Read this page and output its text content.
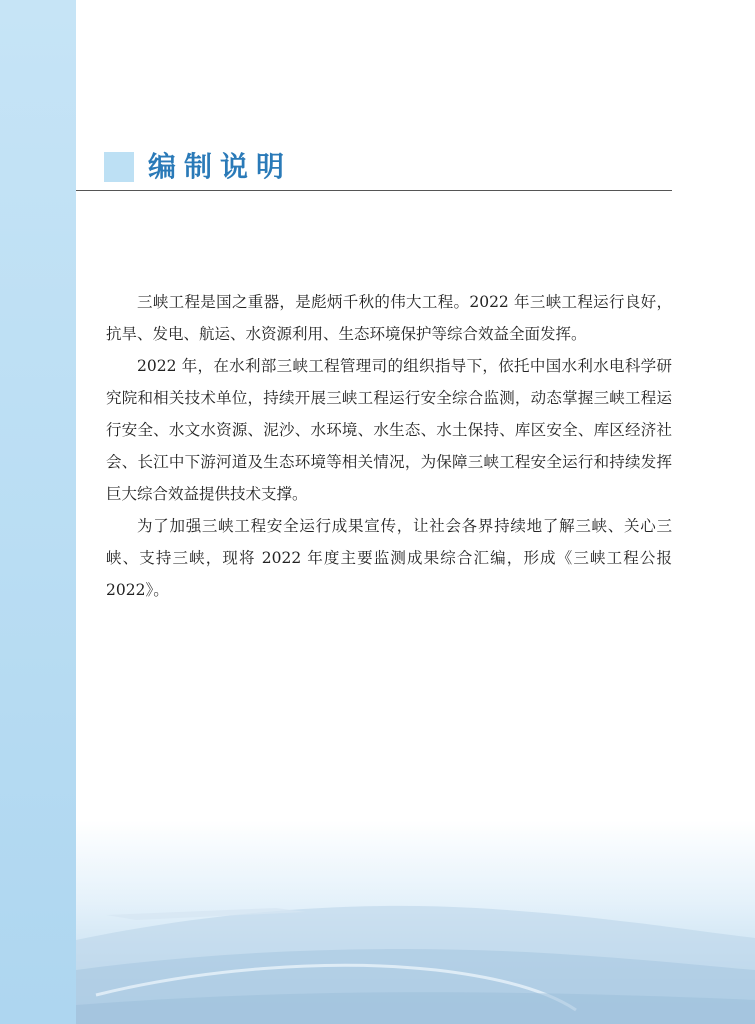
编制说明

三峡工程是国之重器，是彪炳千秋的伟大工程。2022 年三峡工程运行良好，抗旱、发电、航运、水资源利用、生态环境保护等综合效益全面发挥。

2022 年，在水利部三峡工程管理司的组织指导下，依托中国水利水电科学研究院和相关技术单位，持续开展三峡工程运行安全综合监测，动态掌握三峡工程运行安全、水文水资源、泥沙、水环境、水生态、水土保持、库区安全、库区经济社会、长江中下游河道及生态环境等相关情况，为保障三峡工程安全运行和持续发挥巨大综合效益提供技术支撑。

为了加强三峡工程安全运行成果宣传，让社会各界持续地了解三峡、关心三峡、支持三峡，现将 2022 年度主要监测成果综合汇编，形成《三峡工程公报 2022》。
